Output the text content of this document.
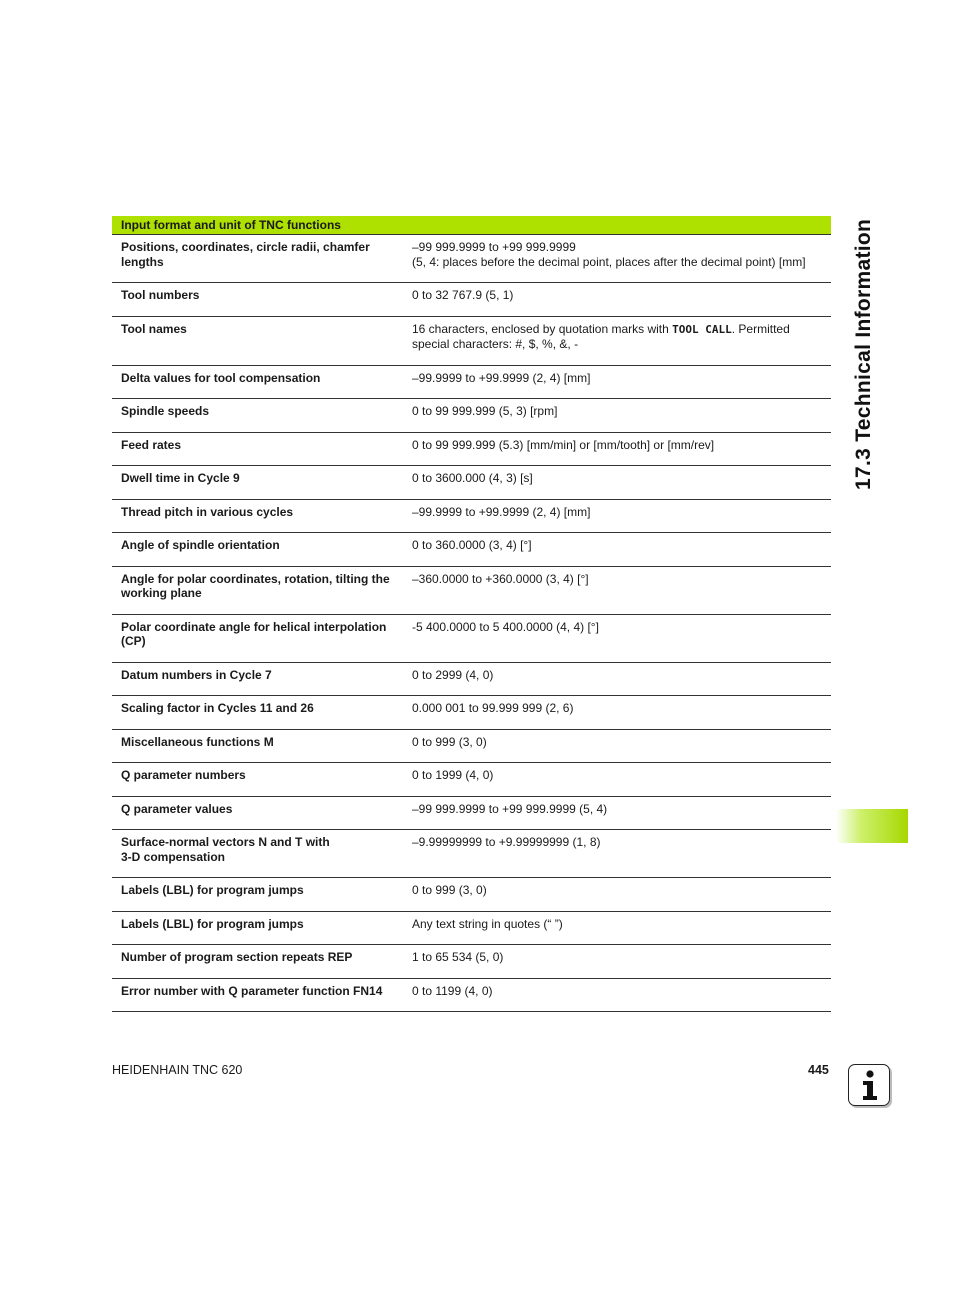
Input format and unit of TNC functions	
Positions, coordinates, circle radii, chamfer lengths	–99 999.9999 to +99 999.9999
(5, 4: places before the decimal point, places after the decimal point) [mm]
Tool numbers	0 to 32 767.9 (5, 1)
Tool names	16 characters, enclosed by quotation marks with TOOL CALL. Permitted special characters: #, $, %, &, -
Delta values for tool compensation	–99.9999 to +99.9999 (2, 4) [mm]
Spindle speeds	0 to 99 999.999 (5, 3) [rpm]
Feed rates	0 to 99 999.999 (5.3) [mm/min] or [mm/tooth] or [mm/rev]
Dwell time in Cycle 9	0 to 3600.000 (4, 3) [s]
Thread pitch in various cycles	–99.9999 to +99.9999 (2, 4) [mm]
Angle of spindle orientation	0 to 360.0000 (3, 4) [°]
Angle for polar coordinates, rotation, tilting the working plane	–360.0000 to +360.0000 (3, 4) [°]
Polar coordinate angle for helical interpolation (CP)	-5 400.0000 to 5 400.0000 (4, 4) [°]
Datum numbers in Cycle 7	0 to 2999 (4, 0)
Scaling factor in Cycles 11 and 26	0.000 001 to 99.999 999 (2, 6)
Miscellaneous functions M	0 to 999 (3, 0)
Q parameter numbers	0 to 1999 (4, 0)
Q parameter values	–99 999.9999 to +99 999.9999 (5, 4)
Surface-normal vectors N and T with
3-D compensation	–9.99999999 to +9.99999999 (1, 8)
Labels (LBL) for program jumps	0 to 999 (3, 0)
Labels (LBL) for program jumps	Any text string in quotes (“ ”)
Number of program section repeats REP	1 to 65 534 (5, 0)
Error number with Q parameter function FN14	0 to 1199 (4, 0)
17.3 Technical Information
HEIDENHAIN TNC 620	445
